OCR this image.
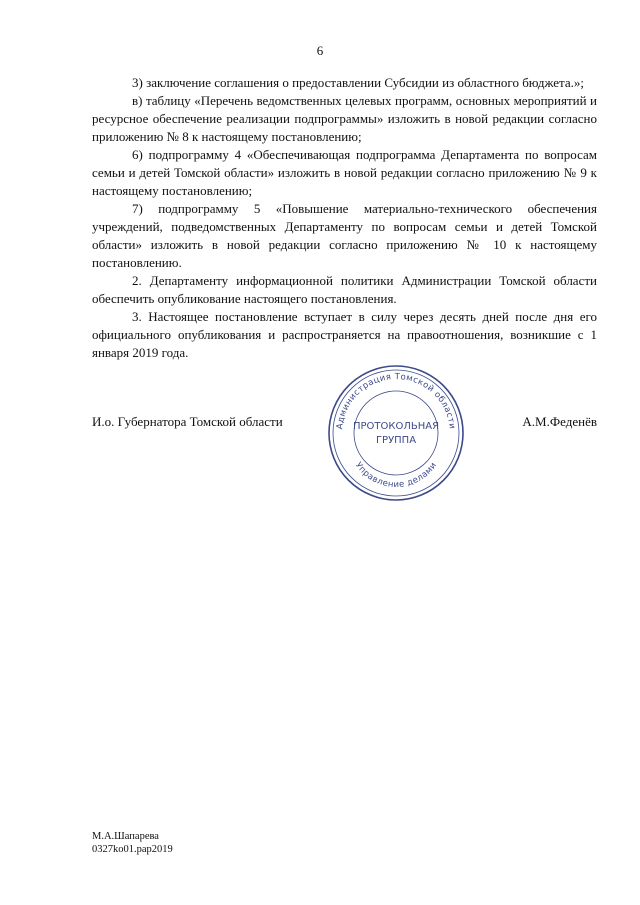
6

3) заключение соглашения о предоставлении Субсидии из областного бюджета.»;

в) таблицу «Перечень ведомственных целевых программ, основных мероприятий и ресурсное обеспечение реализации подпрограммы» изложить в новой редакции согласно приложению № 8 к настоящему постановлению;

6) подпрограмму 4 «Обеспечивающая подпрограмма Департамента по вопросам семьи и детей Томской области» изложить в новой редакции согласно приложению № 9 к настоящему постановлению;

7) подпрограмму 5 «Повышение материально-технического обеспечения учреждений, подведомственных Департаменту по вопросам семьи и детей Томской области» изложить в новой редакции согласно приложению № 10 к настоящему постановлению.

2. Департаменту информационной политики Администрации Томской области обеспечить опубликование настоящего постановления.

3. Настоящее постановление вступает в силу через десять дней после дня его официального опубликования и распространяется на правоотношения, возникшие с 1 января 2019 года.

И.о. Губернатора Томской области	Администрация Томской области
ПРОТОКОЛЬНАЯ
ГРУППА
Управление делами
А.М.Феденёв
М.А.Шапарева
0327ko01.pap2019
